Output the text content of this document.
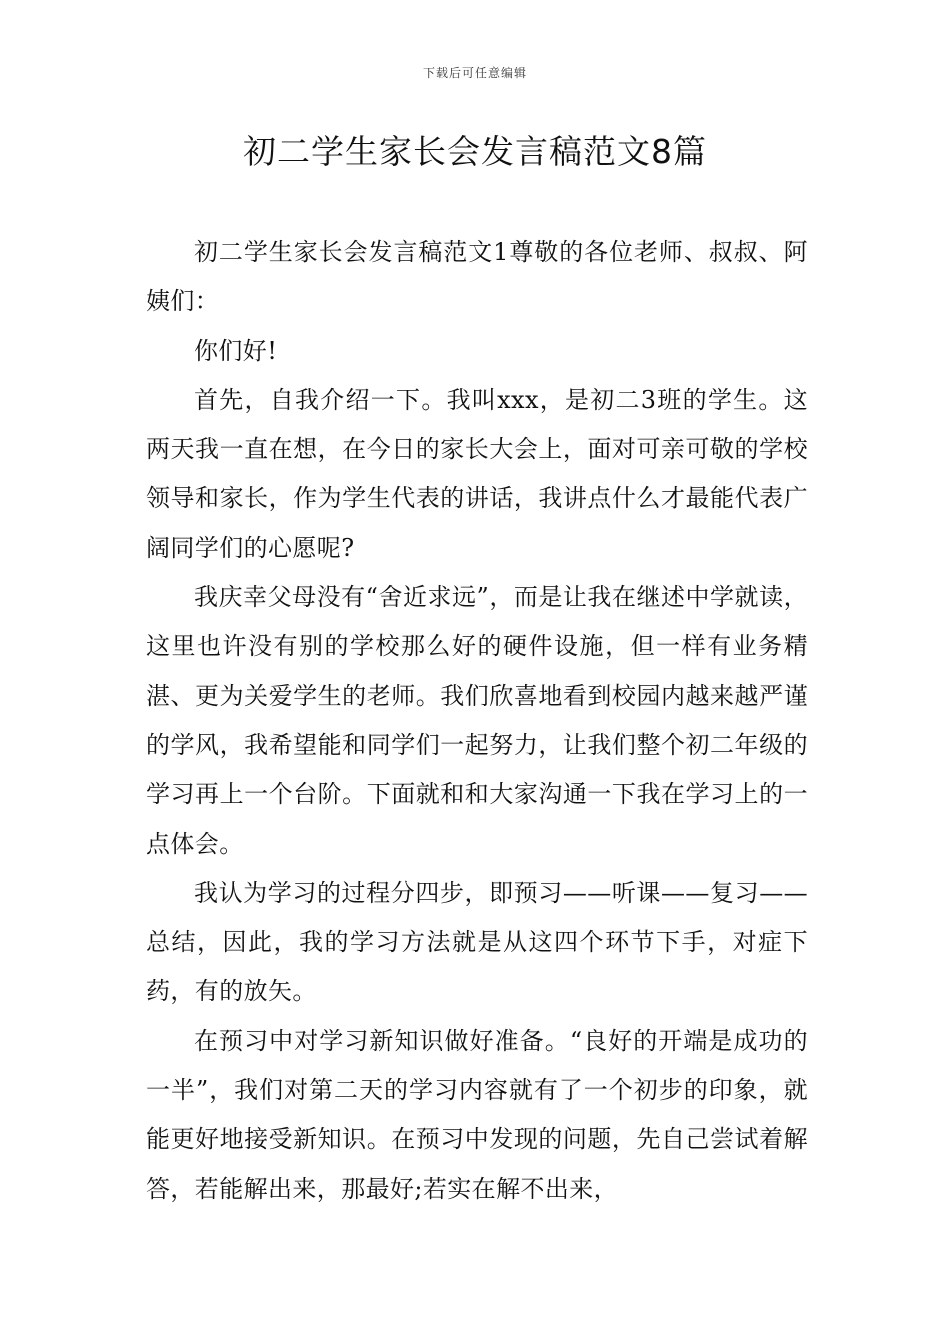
下载后可任意编辑
初二学生家长会发言稿范文8篇

初二学生家长会发言稿范文1尊敬的各位老师、叔叔、阿姨们：

你们好!

首先，自我介绍一下。我叫xxx，是初二3班的学生。这两天我一直在想，在今日的家长大会上，面对可亲可敬的学校领导和家长，作为学生代表的讲话，我讲点什么才最能代表广阔同学们的心愿呢?

我庆幸父母没有“舍近求远”，而是让我在继述中学就读，这里也许没有别的学校那么好的硬件设施，但一样有业务精湛、更为关爱学生的老师。我们欣喜地看到校园内越来越严谨的学风，我希望能和同学们一起努力，让我们整个初二年级的学习再上一个台阶。下面就和和大家沟通一下我在学习上的一点体会。

我认为学习的过程分四步，即预习——听课——复习——总结，因此，我的学习方法就是从这四个环节下手，对症下药，有的放矢。

在预习中对学习新知识做好准备。“良好的开端是成功的一半”，我们对第二天的学习内容就有了一个初步的印象，就能更好地接受新知识。在预习中发现的问题，先自己尝试着解答，若能解出来，那最好;若实在解不出来，
